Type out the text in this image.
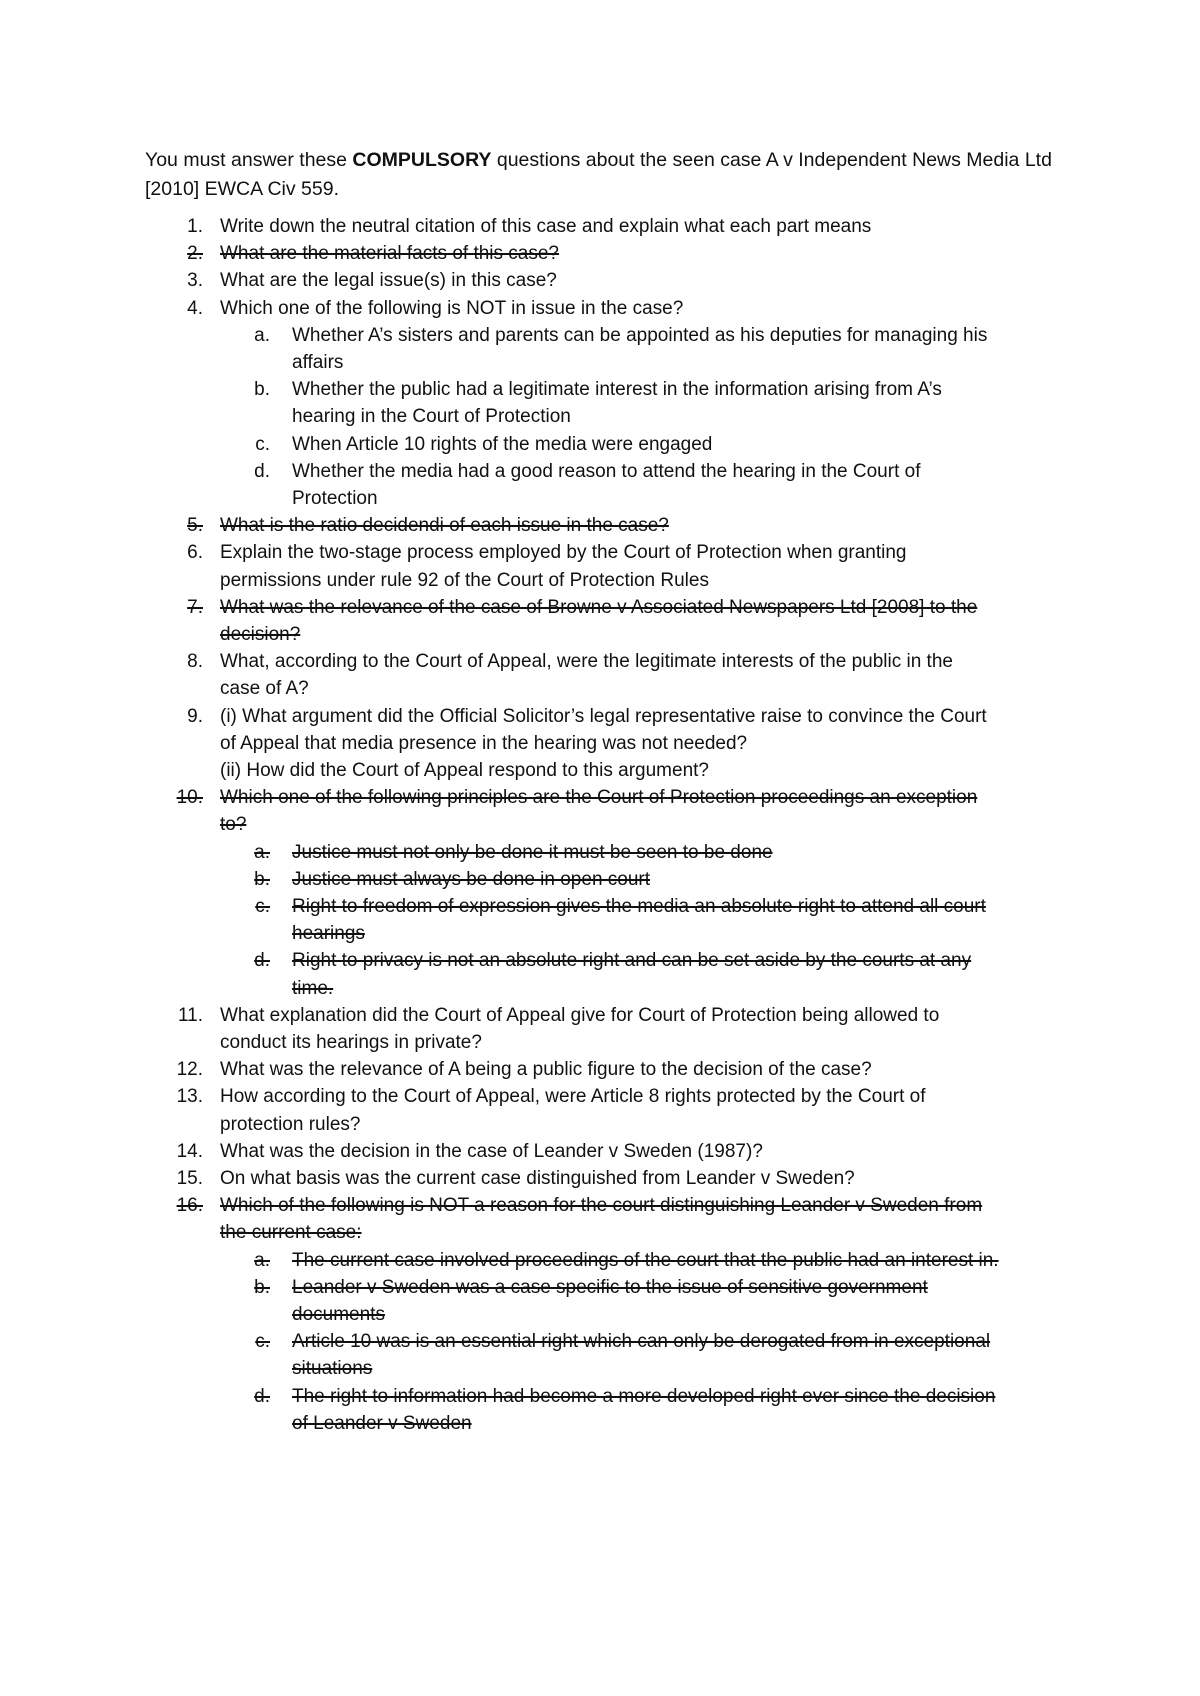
You must answer these COMPULSORY questions about the seen case A v Independent News Media Ltd [2010] EWCA Civ 559.

1. Write down the neutral citation of this case and explain what each part means
2. What are the material facts of this case?
3. What are the legal issue(s) in this case?
4. Which one of the following is NOT in issue in the case?
a. Whether A’s sisters and parents can be appointed as his deputies for managing his
affairs
b. Whether the public had a legitimate interest in the information arising from A’s
hearing in the Court of Protection
c. When Article 10 rights of the media were engaged
d. Whether the media had a good reason to attend the hearing in the Court of
Protection
5. What is the ratio decidendi of each issue in the case?
6. Explain the two-stage process employed by the Court of Protection when granting
permissions under rule 92 of the Court of Protection Rules
7. What was the relevance of the case of Browne v Associated Newspapers Ltd [2008] to the
decision?
8. What, according to the Court of Appeal, were the legitimate interests of the public in the
case of A?
9. (i) What argument did the Official Solicitor’s legal representative raise to convince the Court
of Appeal that media presence in the hearing was not needed?
(ii) How did the Court of Appeal respond to this argument?
10. Which one of the following principles are the Court of Protection proceedings an exception
to?
a. Justice must not only be done it must be seen to be done
b. Justice must always be done in open court
c. Right to freedom of expression gives the media an absolute right to attend all court
hearings
d. Right to privacy is not an absolute right and can be set aside by the courts at any
time.
11. What explanation did the Court of Appeal give for Court of Protection being allowed to
conduct its hearings in private?
12. What was the relevance of A being a public figure to the decision of the case?
13. How according to the Court of Appeal, were Article 8 rights protected by the Court of
protection rules?
14. What was the decision in the case of Leander v Sweden (1987)?
15. On what basis was the current case distinguished from Leander v Sweden?
16. Which of the following is NOT a reason for the court distinguishing Leander v Sweden from
the current case:
a. The current case involved proceedings of the court that the public had an interest in.
b. Leander v Sweden was a case specific to the issue of sensitive government
documents
c. Article 10 was is an essential right which can only be derogated from in exceptional
situations
d. The right to information had become a more developed right ever since the decision
of Leander v Sweden
